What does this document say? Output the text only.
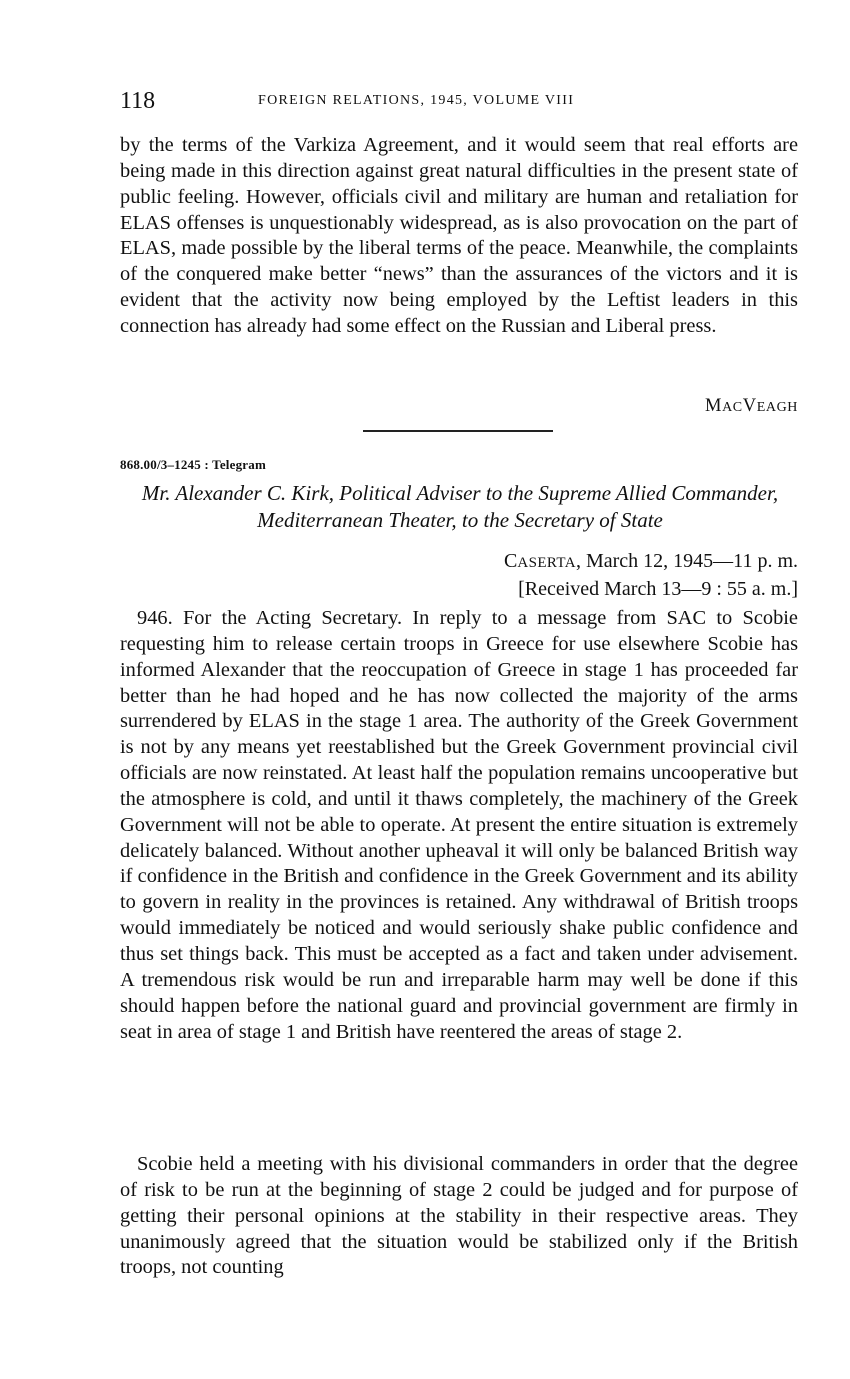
118	FOREIGN RELATIONS, 1945, VOLUME VIII

by the terms of the Varkiza Agreement, and it would seem that real efforts are being made in this direction against great natural difficulties in the present state of public feeling. However, officials civil and military are human and retaliation for ELAS offenses is unquestionably widespread, as is also provocation on the part of ELAS, made possible by the liberal terms of the peace. Meanwhile, the complaints of the conquered make better “news” than the assurances of the victors and it is evident that the activity now being employed by the Leftist leaders in this connection has already had some effect on the Russian and Liberal press.

MACVEAGH
868.00/3–1245 : Telegram

Mr. Alexander C. Kirk, Political Adviser to the Supreme Allied Commander, Mediterranean Theater, to the Secretary of State

CASERTA, March 12, 1945—11 p. m.
[Received March 13—9 : 55 a. m.]

946. For the Acting Secretary. In reply to a message from SAC to Scobie requesting him to release certain troops in Greece for use elsewhere Scobie has informed Alexander that the reoccupation of Greece in stage 1 has proceeded far better than he had hoped and he has now collected the majority of the arms surrendered by ELAS in the stage 1 area. The authority of the Greek Government is not by any means yet reestablished but the Greek Government provincial civil officials are now reinstated. At least half the population remains uncooperative but the atmosphere is cold, and until it thaws completely, the machinery of the Greek Government will not be able to operate. At present the entire situation is extremely delicately balanced. Without another upheaval it will only be balanced British way if confidence in the British and confidence in the Greek Government and its ability to govern in reality in the provinces is retained. Any withdrawal of British troops would immediately be noticed and would seriously shake public confidence and thus set things back. This must be accepted as a fact and taken under advisement. A tremendous risk would be run and irreparable harm may well be done if this should happen before the national guard and provincial government are firmly in seat in area of stage 1 and British have reentered the areas of stage 2.

Scobie held a meeting with his divisional commanders in order that the degree of risk to be run at the beginning of stage 2 could be judged and for purpose of getting their personal opinions at the stability in their respective areas. They unanimously agreed that the situation would be stabilized only if the British troops, not counting
